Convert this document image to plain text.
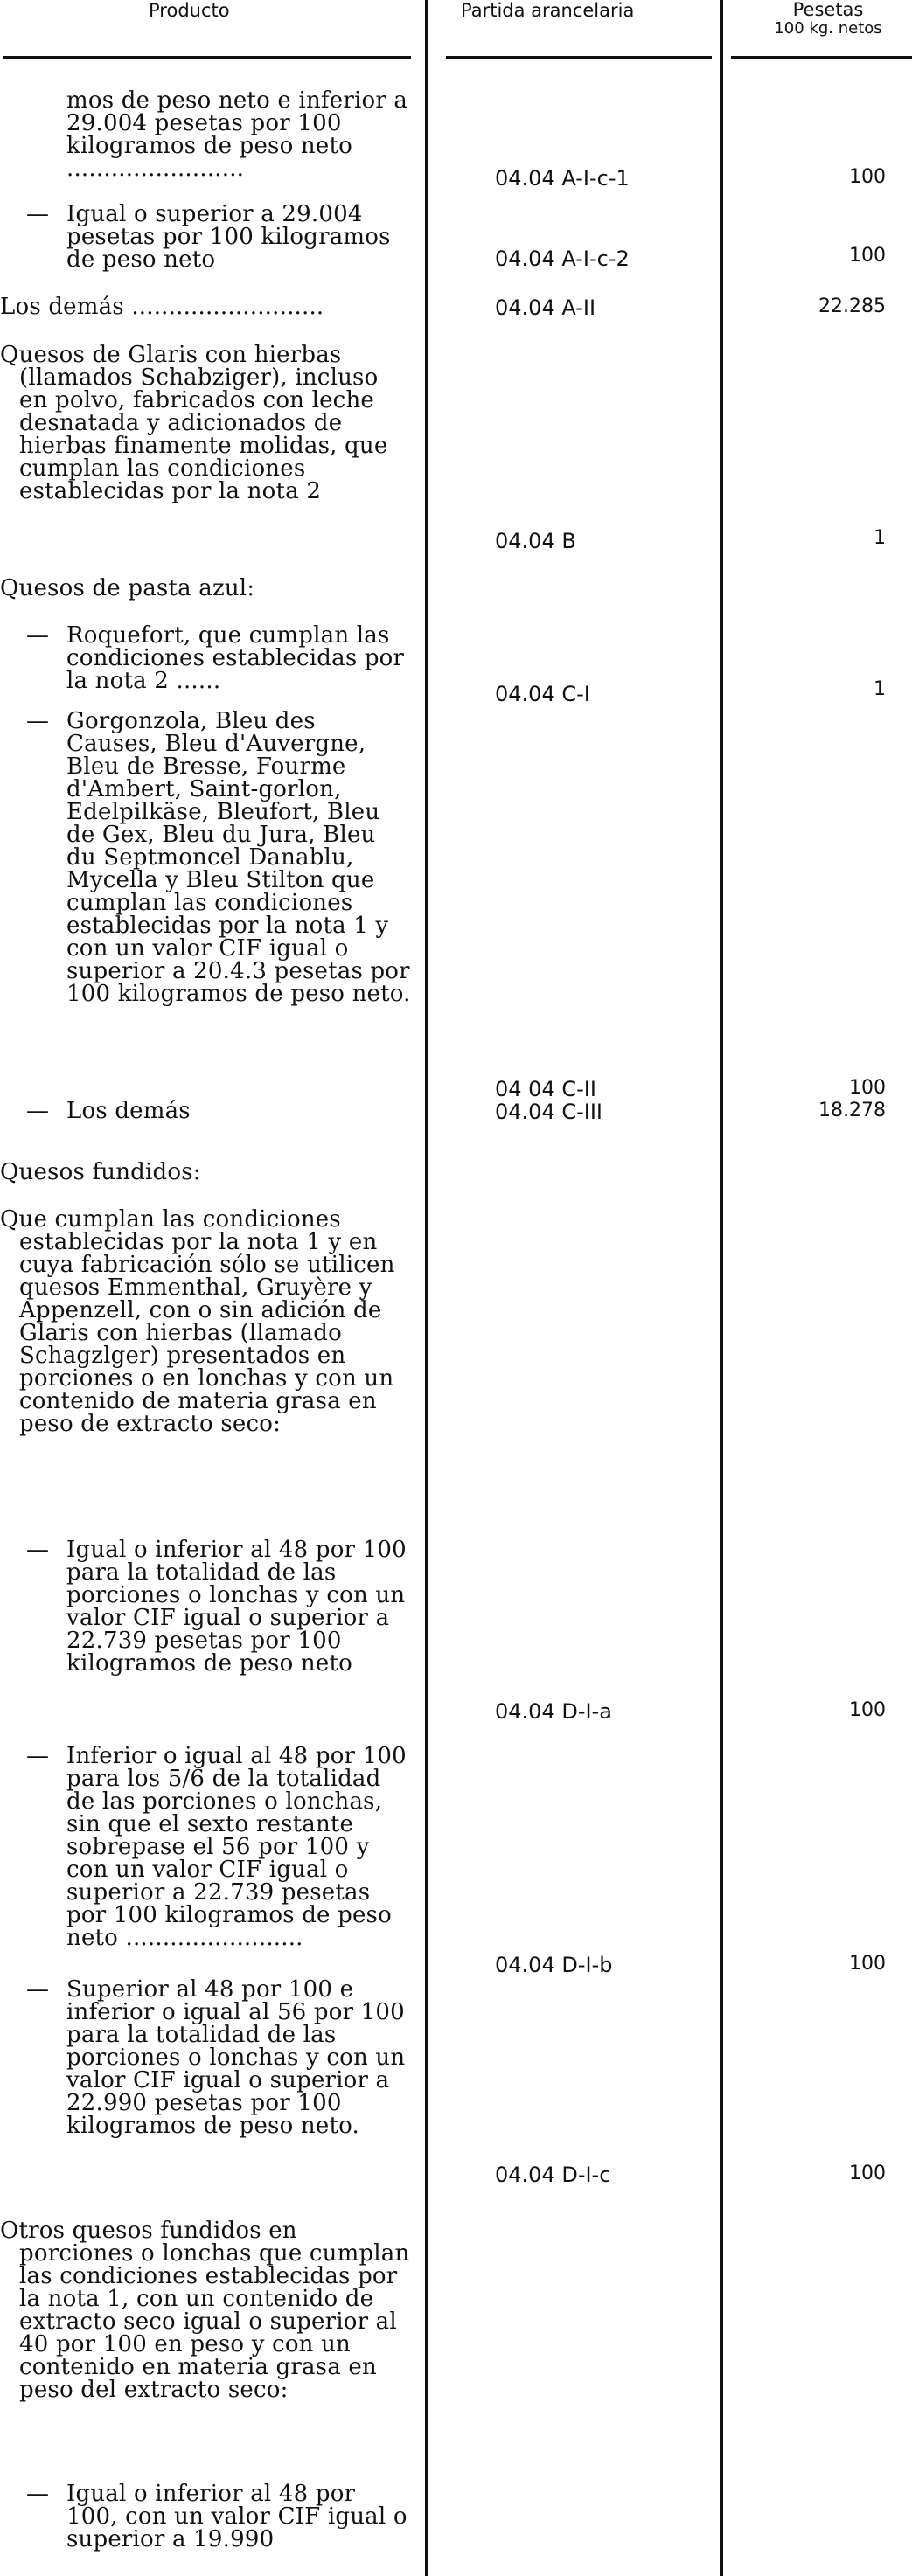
Producto	Partida arancelaria	Pesetas
100 kg. netos

mos de peso neto e inferior a 29.004 pesetas por 100 kilogramos de peso neto ........................

— Igual o superior a 29.004 pesetas por 100 kilogramos de peso neto

Los demás ..........................

Quesos de Glaris con hierbas (llamados Schabziger), incluso en polvo, fabricados con leche desnatada y adicionados de hierbas finamente molidas, que cumplan las condiciones establecidas por la nota 2

Quesos de pasta azul:

— Roquefort, que cumplan las condiciones establecidas por la nota 2 ......

— Gorgonzola, Bleu des Causes, Bleu d'Auvergne, Bleu de Bresse, Fourme d'Ambert, Saint-gorlon, Edelpilkäse, Bleufort, Bleu de Gex, Bleu du Jura, Bleu du Septmoncel Danablu, Mycella y Bleu Stilton que cumplan las condiciones establecidas por la nota 1 y con un valor CIF igual o superior a 20.4.3 pesetas por 100 kilogramos de peso neto.

— Los demás

Quesos fundidos:

Que cumplan las condiciones establecidas por la nota 1 y en cuya fabricación sólo se utilicen quesos Emmenthal, Gruyère y Appenzell, con o sin adición de Glaris con hierbas (llamado Schagzlger) presentados en porciones o en lonchas y con un contenido de materia grasa en peso de extracto seco:

— Igual o inferior al 48 por 100 para la totalidad de las porciones o lonchas y con un valor CIF igual o superior a 22.739 pesetas por 100 kilogramos de peso neto

— Inferior o igual al 48 por 100 para los 5/6 de la totalidad de las porciones o lonchas, sin que el sexto restante sobrepase el 56 por 100 y con un valor CIF igual o superior a 22.739 pesetas por 100 kilogramos de peso neto ........................

— Superior al 48 por 100 e inferior o igual al 56 por 100 para la totalidad de las porciones o lonchas y con un valor CIF igual o superior a 22.990 pesetas por 100 kilogramos de peso neto.

Otros quesos fundidos en porciones o lonchas que cumplan las condiciones establecidas por la nota 1, con un contenido de extracto seco igual o superior al 40 por 100 en peso y con un contenido en materia grasa en peso del extracto seco:

— Igual o inferior al 48 por 100, con un valor CIF igual o superior a 19.990

04.04 A-I-c-1
04.04 A-I-c-2
04.04 A-II
04.04 B
04.04 C-I
04 04 C-II
04.04 C-III
04.04 D-I-a
04.04 D-I-b
04.04 D-I-c
100
100
22.285
1
1
100
18.278
100
100
100
